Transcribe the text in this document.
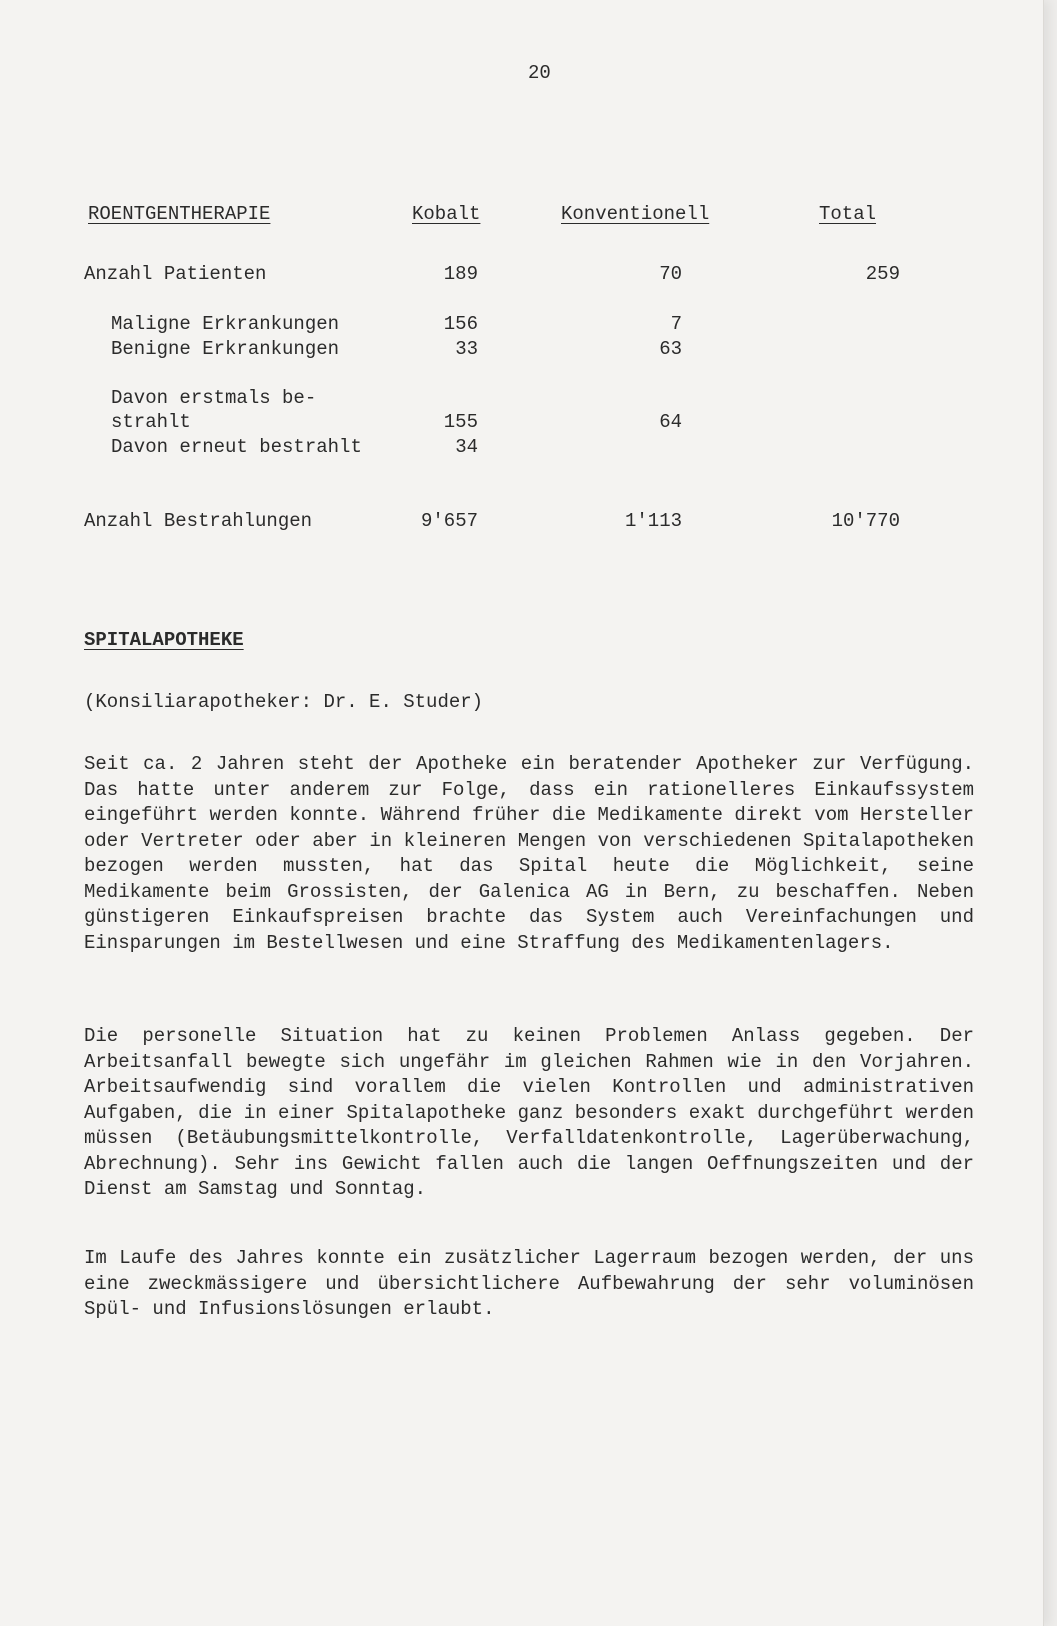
20
ROENTGENTHERAPIE	Kobalt	Konventionell	Total
Anzahl Patienten	189	70	259
Maligne Erkrankungen	156	7
Benigne Erkrankungen	33	63
Davon erstmals be-
strahlt	155	64
Davon erneut bestrahlt	34
Anzahl Bestrahlungen	9'657	1'113	10'770
SPITALAPOTHEKE
(Konsiliarapotheker: Dr. E. Studer)
Seit ca. 2 Jahren steht der Apotheke ein beratender Apotheker zur Verfügung. Das hatte unter anderem zur Folge, dass ein rationelleres Einkaufssystem eingeführt werden konnte. Während früher die Medikamente direkt vom Hersteller oder Vertreter oder aber in kleineren Mengen von verschiedenen Spitalapotheken bezogen werden mussten, hat das Spital heute die Möglichkeit, seine Medikamente beim Grossisten, der Galenica AG in Bern, zu beschaffen. Neben günstigeren Einkaufspreisen brachte das System auch Vereinfachungen und Einsparungen im Bestellwesen und eine Straffung des Medikamentenlagers.
Die personelle Situation hat zu keinen Problemen Anlass gegeben. Der Arbeitsanfall bewegte sich ungefähr im gleichen Rahmen wie in den Vorjahren. Arbeitsaufwendig sind vorallem die vielen Kontrollen und administrativen Aufgaben, die in einer Spitalapotheke ganz besonders exakt durchgeführt werden müssen (Betäubungsmittelkontrolle, Verfalldatenkontrolle, Lagerüberwachung, Abrechnung). Sehr ins Gewicht fallen auch die langen Oeffnungszeiten und der Dienst am Samstag und Sonntag.
Im Laufe des Jahres konnte ein zusätzlicher Lagerraum bezogen werden, der uns eine zweckmässigere und übersichtlichere Aufbewahrung der sehr voluminösen Spül- und Infusionslösungen erlaubt.
